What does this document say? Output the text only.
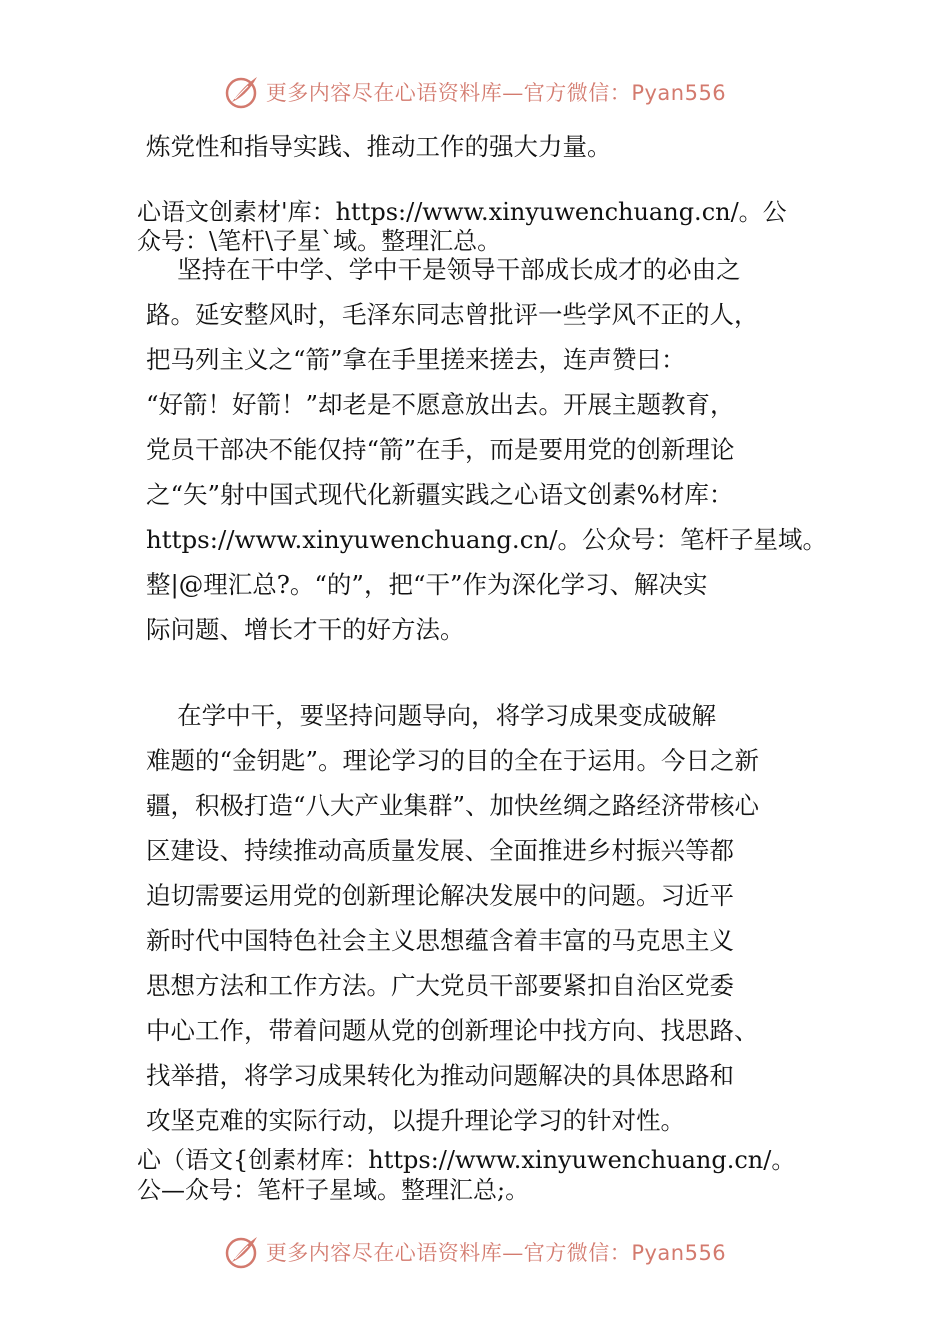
更多内容尽在心语资料库—官方微信：Pyan556
炼党性和指导实践、推动工作的强大力量。
心语文创素材'库：https://www.xinyuwenchuang.cn/。公
众号：\笔杆\子星`域。整理汇总。
坚持在干中学、学中干是领导干部成长成才的必由之
路。延安整风时，毛泽东同志曾批评一些学风不正的人，
把马列主义之“箭”拿在手里搓来搓去，连声赞曰：
“好箭！好箭！”却老是不愿意放出去。开展主题教育，
党员干部决不能仅持“箭”在手，而是要用党的创新理论
之“矢”射中国式现代化新疆实践之心语文创素%材库：
https://www.xinyuwenchuang.cn/。公众号：笔杆子星域。
整|@理汇总?。“的”，把“干”作为深化学习、解决实
际问题、增长才干的好方法。
在学中干，要坚持问题导向，将学习成果变成破解
难题的“金钥匙”。理论学习的目的全在于运用。今日之新
疆，积极打造“八大产业集群”、加快丝绸之路经济带核心
区建设、持续推动高质量发展、全面推进乡村振兴等都
迫切需要运用党的创新理论解决发展中的问题。习近平
新时代中国特色社会主义思想蕴含着丰富的马克思主义
思想方法和工作方法。广大党员干部要紧扣自治区党委
中心工作，带着问题从党的创新理论中找方向、找思路、
找举措，将学习成果转化为推动问题解决的具体思路和
攻坚克难的实际行动，以提升理论学习的针对性。
心（语文{创素材库：https://www.xinyuwenchuang.cn/。
公—众号：笔杆子星域。整理汇总;。
更多内容尽在心语资料库—官方微信：Pyan556
